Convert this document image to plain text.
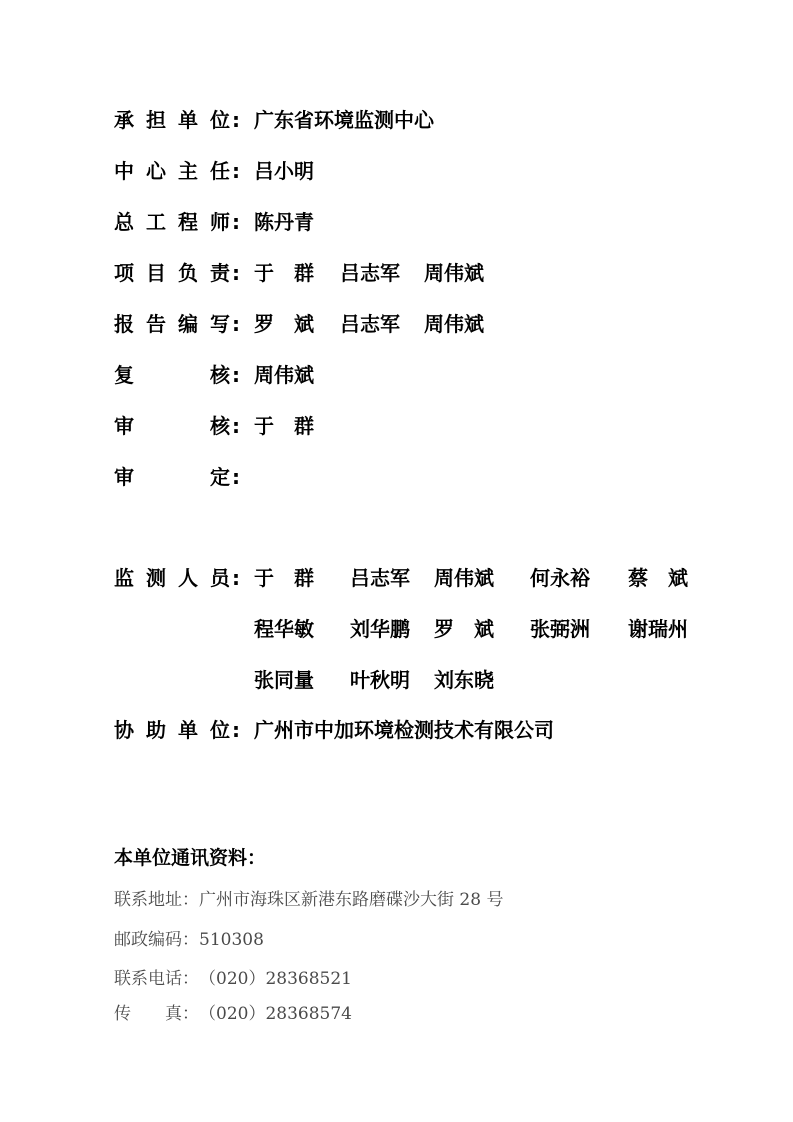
承 担 单 位 : 广东省环境监测中心
中 心 主 任 : 吕小明
总 工 程 师 : 陈丹青
项 目 负 责 : 于　群 吕志军 周伟斌
报 告 编 写 : 罗　斌 吕志军 周伟斌
复	核 : 周伟斌
审	核 : 于　群
审	定 :
监 测 人 员 : 于　群 吕志军 周伟斌 何永裕 蔡　斌
程华敏 刘华鹏 罗　斌 张弼洲 谢瑞州
张同量 叶秋明 刘东晓
协 助 单 位 : 广州市中加环境检测技术有限公司
本单位通讯资料：
联系地址：广州市海珠区新港东路磨碟沙大街 28 号
邮政编码：510308
联系电话：（020）28368521
传　　真：（020）28368574
